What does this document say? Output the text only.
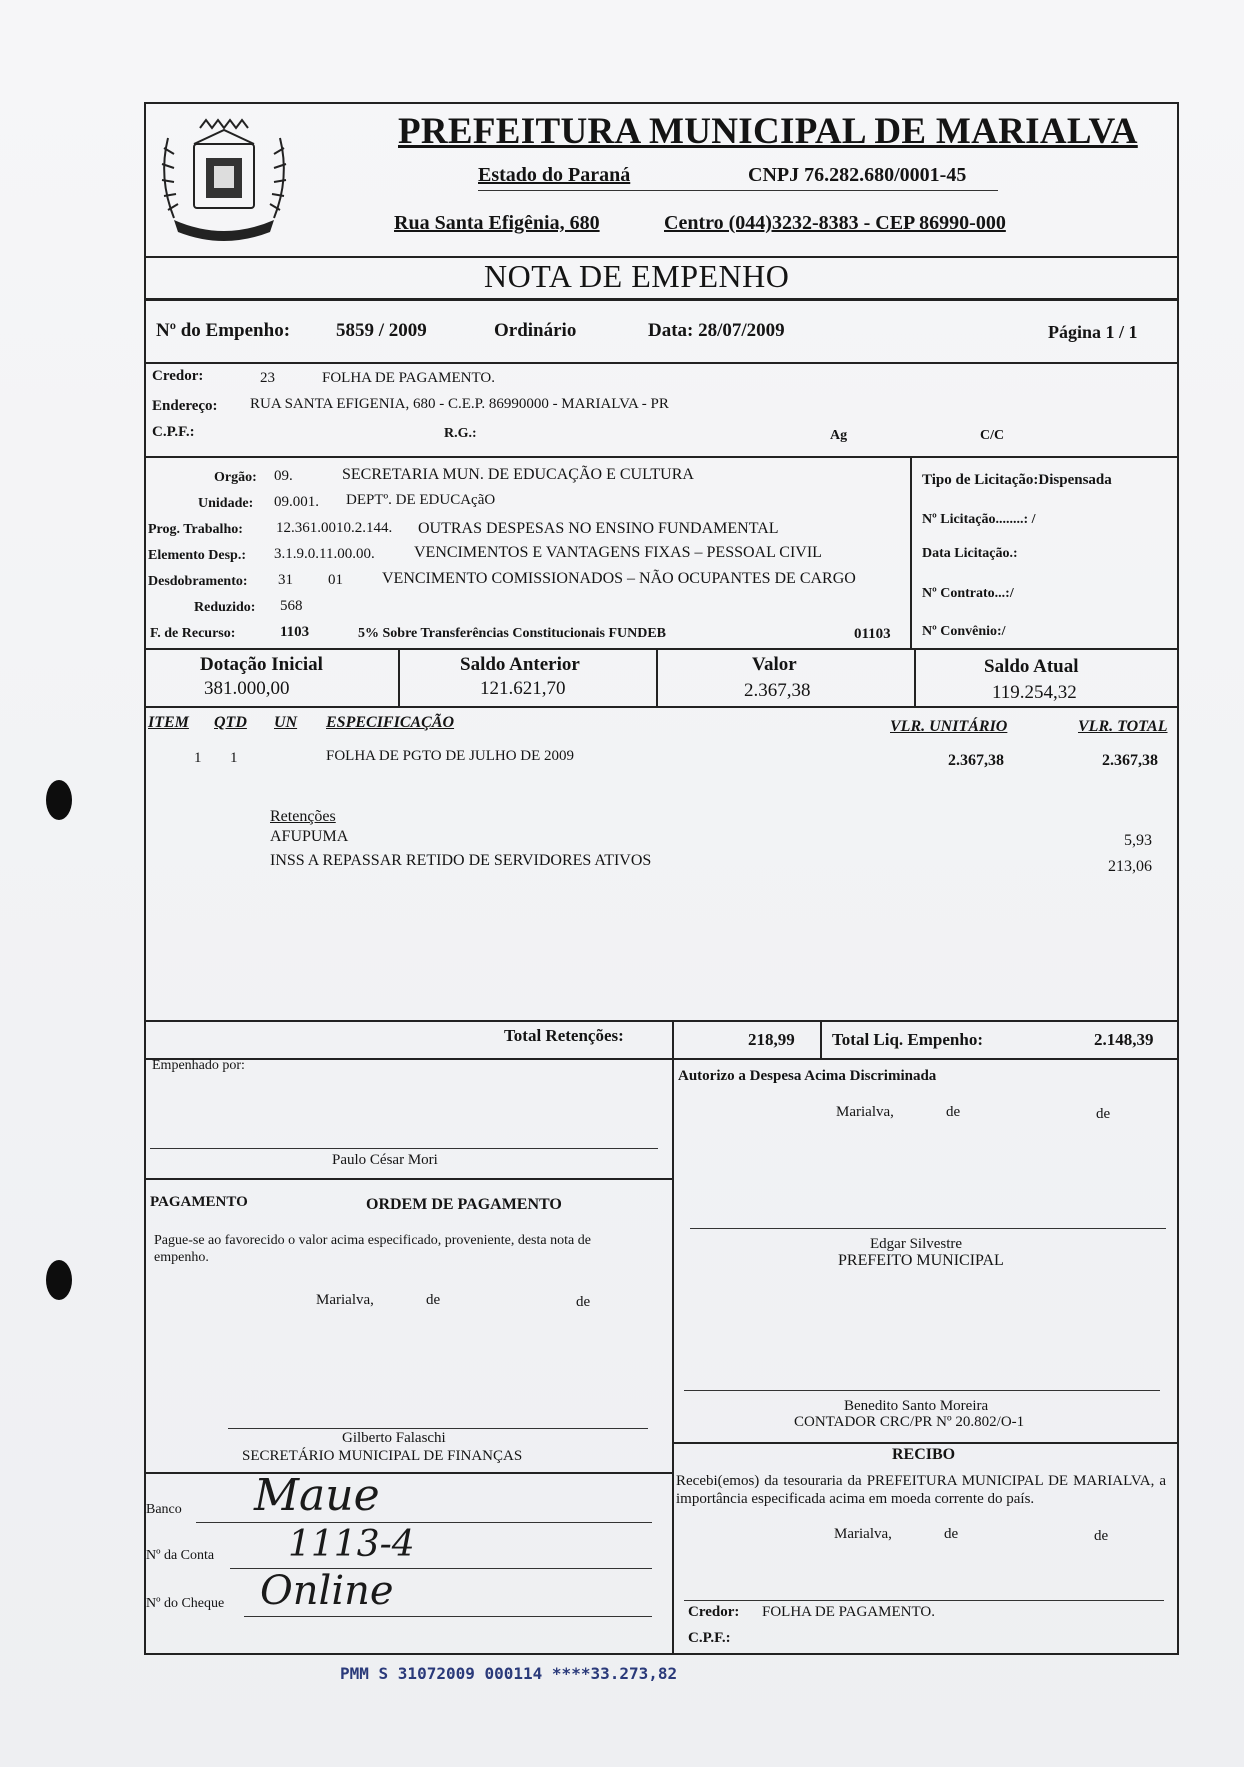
PREFEITURA MUNICIPAL DE MARIALVA
Estado do Paraná	CNPJ 76.282.680/0001-45
Rua Santa Efigênia, 680	Centro (044)3232-8383 - CEP 86990-000
NOTA DE EMPENHO
Nº do Empenho: 5859 / 2009	Ordinário	Data: 28/07/2009	Página 1 / 1
Credor:	23	FOLHA DE PAGAMENTO.
Endereço: RUA SANTA EFIGENIA, 680 - C.E.P. 86990000 - MARIALVA - PR
C.P.F.:	R.G.:	Ag	C/C
Orgão: 09.	SECRETARIA MUN. DE EDUCAÇÃO E CULTURA
Unidade: 09.001. DEPTº. DE EDUCAçãO
Prog. Trabalho: 12.361.0010.2.144. OUTRAS DESPESAS NO ENSINO FUNDAMENTAL
Elemento Desp.: 3.1.9.0.11.00.00. VENCIMENTOS E VANTAGENS FIXAS – PESSOAL CIVIL
Desdobramento: 31 01 VENCIMENTO COMISSIONADOS – NÃO OCUPANTES DE CARGO
Reduzido: 568
F. de Recurso:	1103	5% Sobre Transferências Constitucionais FUNDEB	01103
Tipo de Licitação:Dispensada
Nº Licitação........: /
Data Licitação.:
Nº Contrato...:/
Nº Convênio:/
Dotação Inicial
381.000,00
Saldo Anterior
121.621,70
Valor
2.367,38
Saldo Atual
119.254,32
ITEM QTD UN ESPECIFICAÇÃO	VLR. UNITÁRIO	VLR. TOTAL
1 1	FOLHA DE PGTO DE JULHO DE 2009	2.367,38	2.367,38
Retenções
AFUPUMA	5,93
INSS A REPASSAR RETIDO DE SERVIDORES ATIVOS	213,06
Total Retenções:	218,99 Total Liq. Empenho:	2.148,39
Empenhado por:
Paulo César Mori
Autorizo a Despesa Acima Discriminada
Marialva,	de	de
PAGAMENTO	ORDEM DE PAGAMENTO
Pague-se ao favorecido o valor acima especificado, proveniente, desta nota de empenho.
Marialva,	de	de
Edgar Silvestre
PREFEITO MUNICIPAL
Benedito Santo Moreira
CONTADOR CRC/PR Nº 20.802/O-1
Gilberto Falaschi
SECRETÁRIO MUNICIPAL DE FINANÇAS
Banco Maue
Nº da Conta 1113-4
Nº do Cheque Online
RECIBO
Recebi(emos) da tesouraria da PREFEITURA MUNICIPAL DE MARIALVA, a importância especificada acima em moeda corrente do país.
Marialva,	de	de
Credor: FOLHA DE PAGAMENTO.
C.P.F.:
PMM S 31072009 000114 ****33.273,82
